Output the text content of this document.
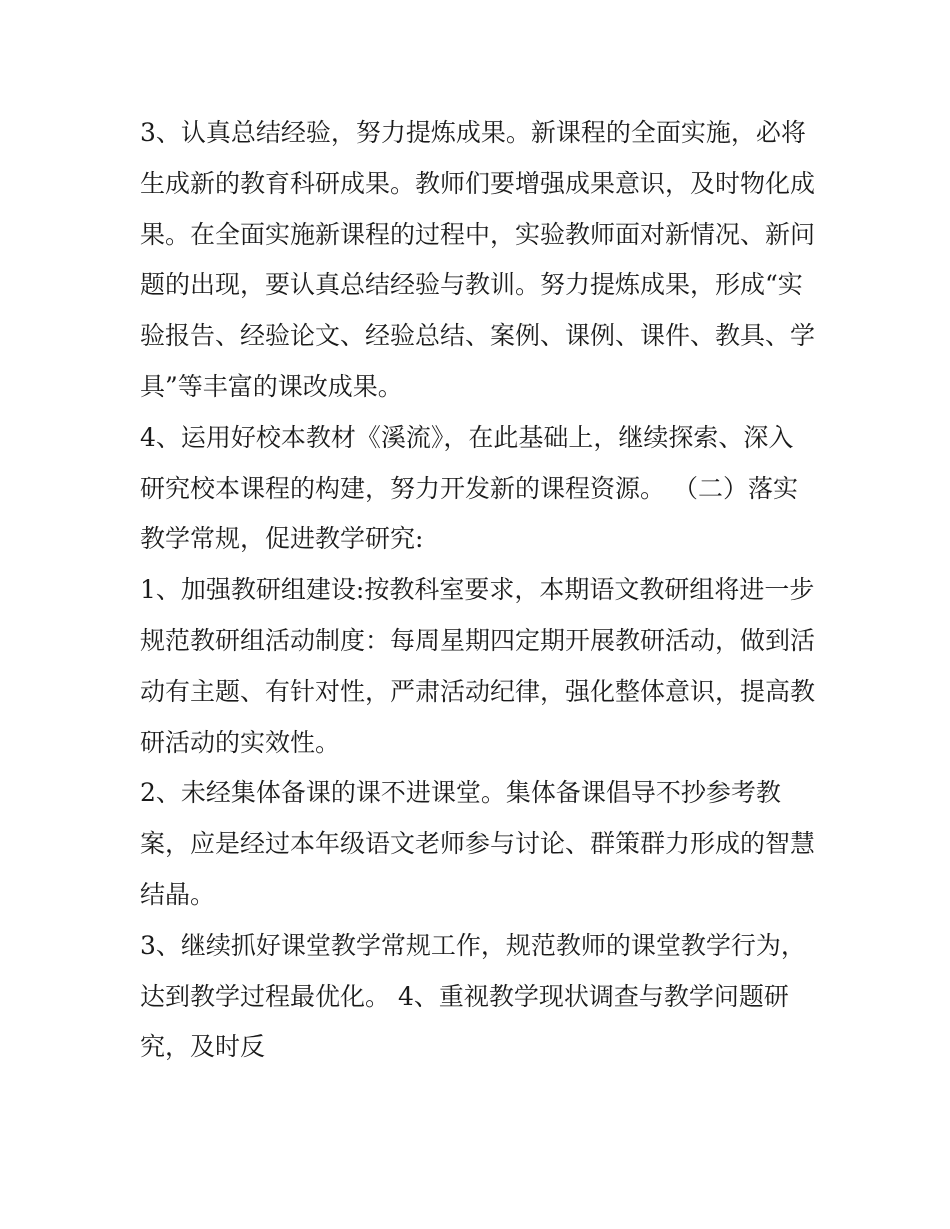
3、认真总结经验，努力提炼成果。新课程的全面实施，必将
生成新的教育科研成果。教师们要增强成果意识，及时物化成
果。在全面实施新课程的过程中，实验教师面对新情况、新问
题的出现，要认真总结经验与教训。努力提炼成果，形成“实
验报告、经验论文、经验总结、案例、课例、课件、教具、学
具”等丰富的课改成果。
4、运用好校本教材《溪流》，在此基础上，继续探索、深入
研究校本课程的构建，努力开发新的课程资源。 （二）落实
教学常规，促进教学研究:
1、加强教研组建设:按教科室要求，本期语文教研组将进一步
规范教研组活动制度：每周星期四定期开展教研活动，做到活
动有主题、有针对性，严肃活动纪律，强化整体意识，提高教
研活动的实效性。
2、未经集体备课的课不进课堂。集体备课倡导不抄参考教
案，应是经过本年级语文老师参与讨论、群策群力形成的智慧
结晶。
3、继续抓好课堂教学常规工作，规范教师的课堂教学行为，
达到教学过程最优化。 4、重视教学现状调查与教学问题研
究，及时反
